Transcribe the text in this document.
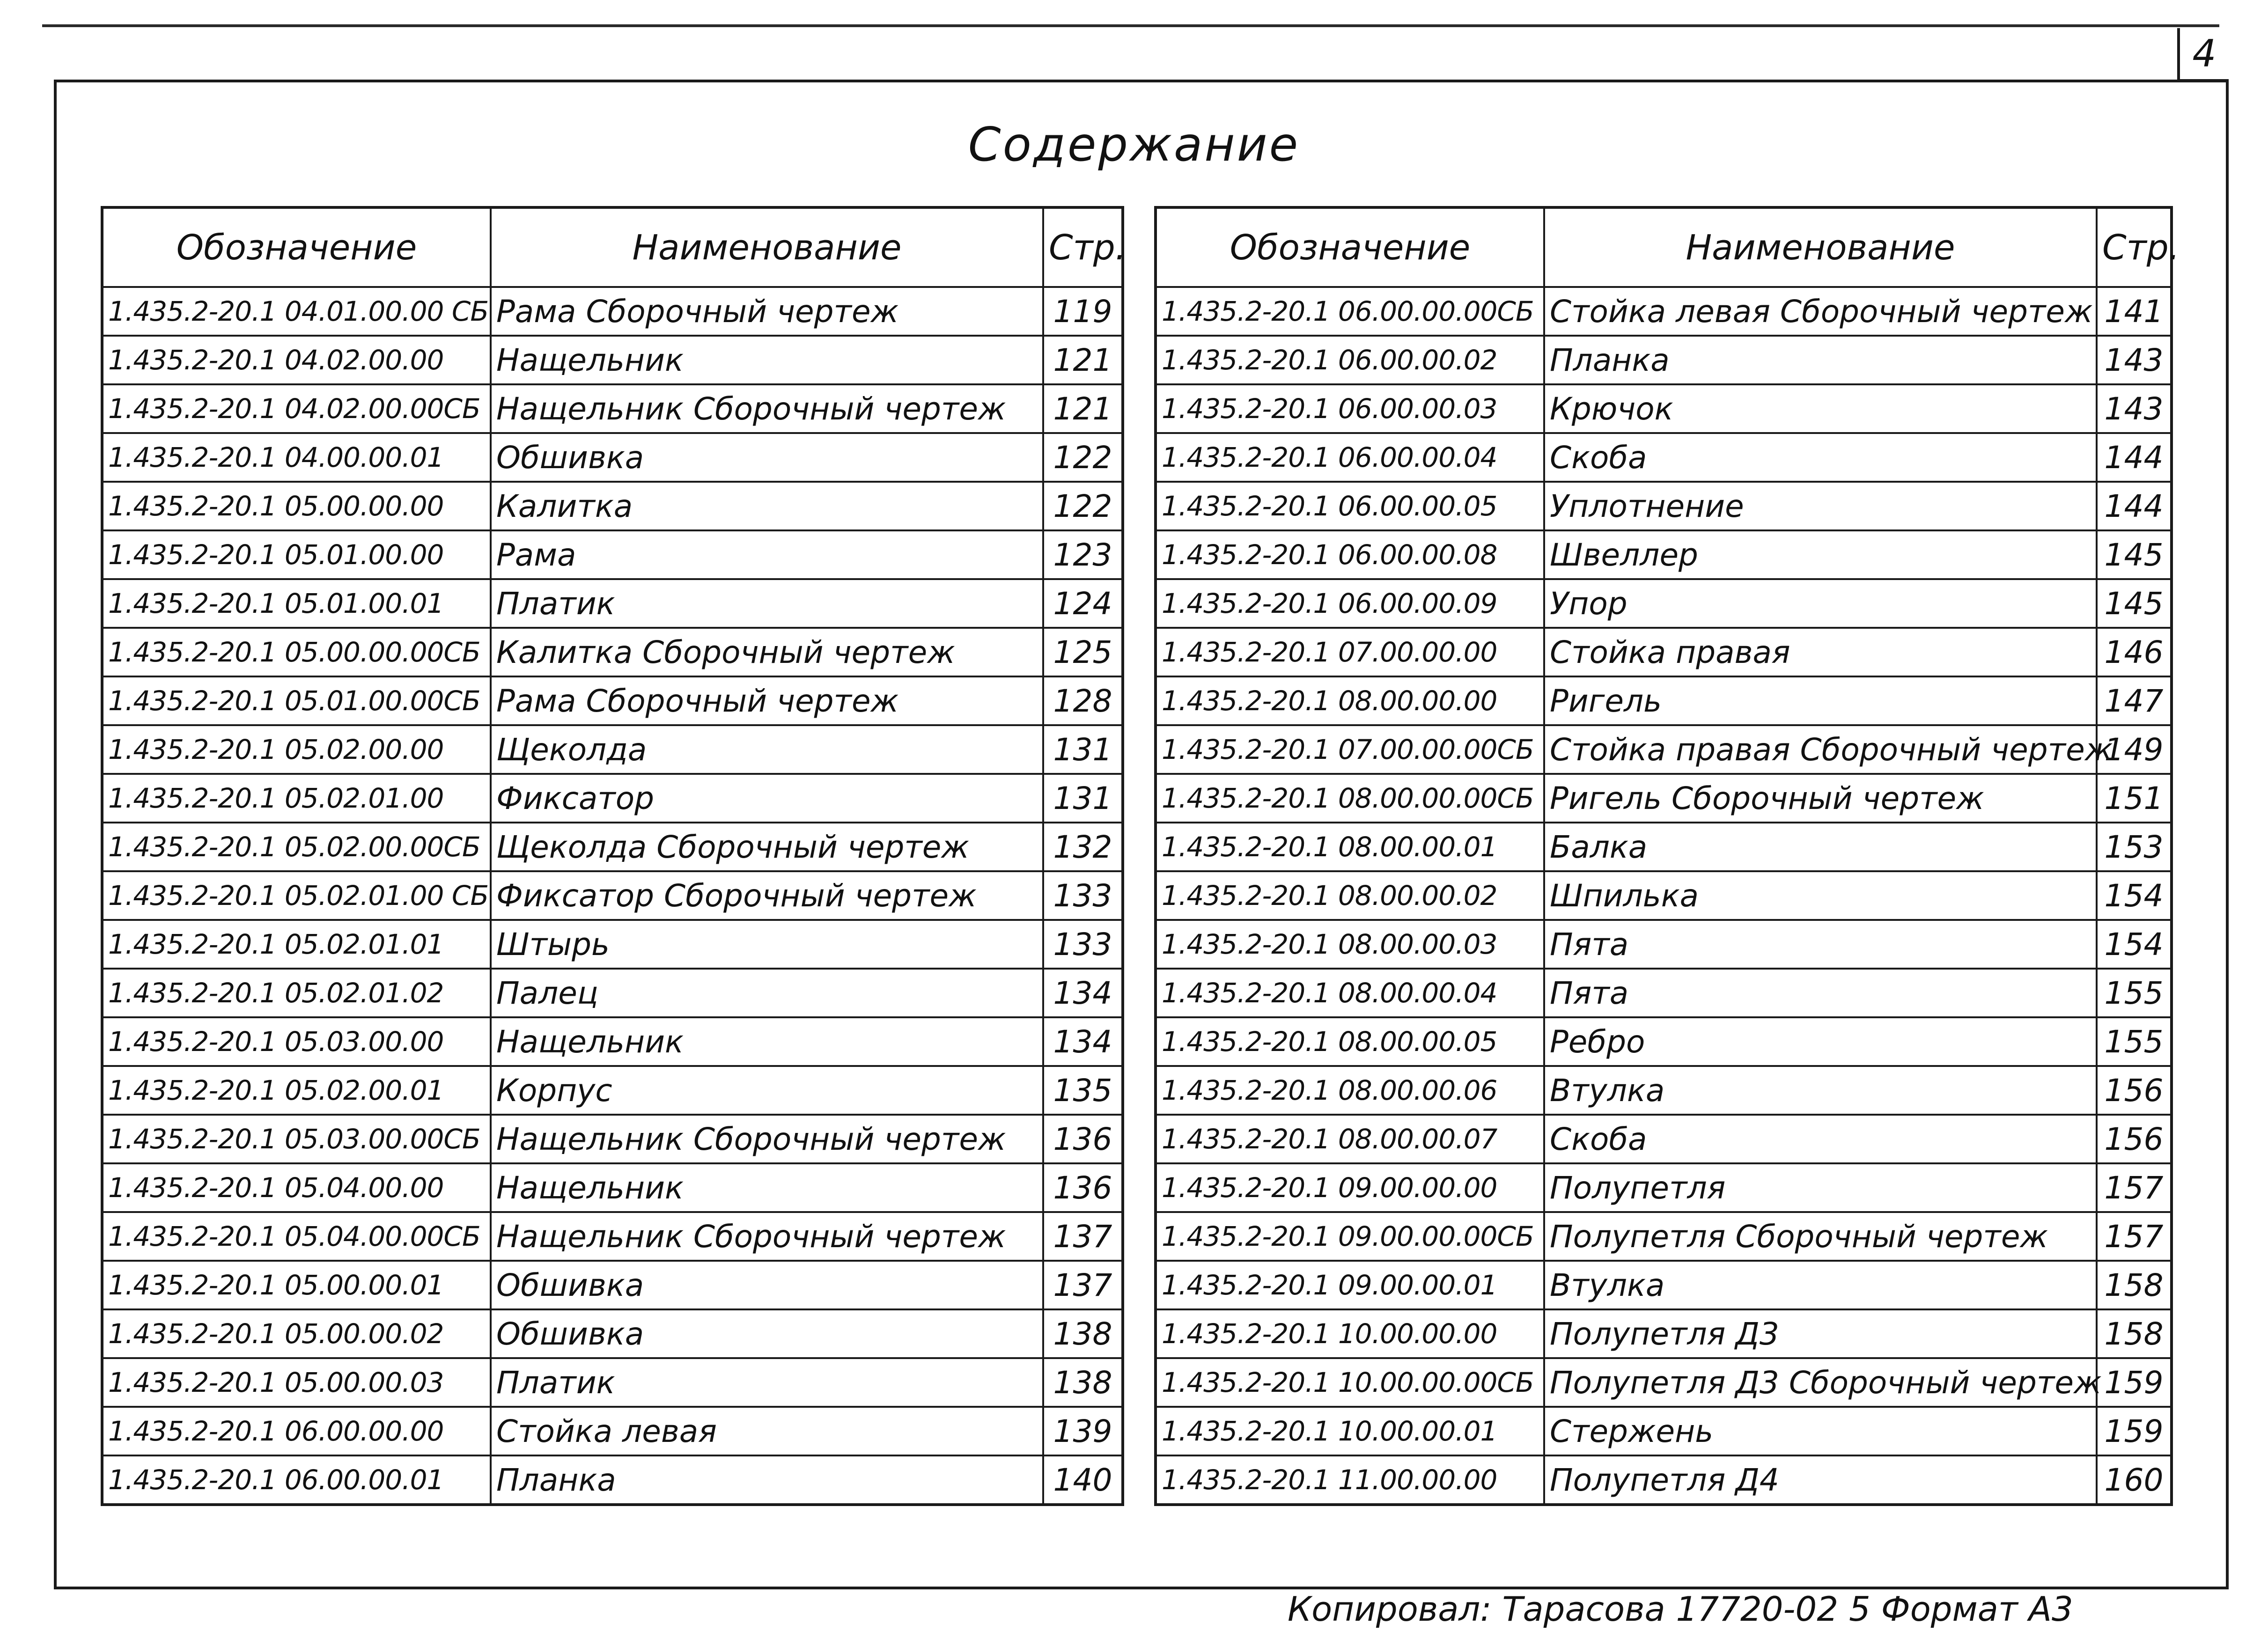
4
Содержание
Обозначение	Наименование	Стр.
1.435.2-20.1 04.01.00.00 СБ	Рама Сборочный чертеж	119
1.435.2-20.1 04.02.00.00	Нащельник	121
1.435.2-20.1 04.02.00.00СБ	Нащельник Сборочный чертеж	121
1.435.2-20.1 04.00.00.01	Обшивка	122
1.435.2-20.1 05.00.00.00	Калитка	122
1.435.2-20.1 05.01.00.00	Рама	123
1.435.2-20.1 05.01.00.01	Платик	124
1.435.2-20.1 05.00.00.00СБ	Калитка Сборочный чертеж	125
1.435.2-20.1 05.01.00.00СБ	Рама Сборочный чертеж	128
1.435.2-20.1 05.02.00.00	Щеколда	131
1.435.2-20.1 05.02.01.00	Фиксатор	131
1.435.2-20.1 05.02.00.00СБ	Щеколда Сборочный чертеж	132
1.435.2-20.1 05.02.01.00 СБ	Фиксатор Сборочный чертеж	133
1.435.2-20.1 05.02.01.01	Штырь	133
1.435.2-20.1 05.02.01.02	Палец	134
1.435.2-20.1 05.03.00.00	Нащельник	134
1.435.2-20.1 05.02.00.01	Корпус	135
1.435.2-20.1 05.03.00.00СБ	Нащельник Сборочный чертеж	136
1.435.2-20.1 05.04.00.00	Нащельник	136
1.435.2-20.1 05.04.00.00СБ	Нащельник Сборочный чертеж	137
1.435.2-20.1 05.00.00.01	Обшивка	137
1.435.2-20.1 05.00.00.02	Обшивка	138
1.435.2-20.1 05.00.00.03	Платик	138
1.435.2-20.1 06.00.00.00	Стойка левая	139
1.435.2-20.1 06.00.00.01	Планка	140
Обозначение	Наименование	Стр.
1.435.2-20.1 06.00.00.00СБ	Стойка левая Сборочный чертеж	141
1.435.2-20.1 06.00.00.02	Планка	143
1.435.2-20.1 06.00.00.03	Крючок	143
1.435.2-20.1 06.00.00.04	Скоба	144
1.435.2-20.1 06.00.00.05	Уплотнение	144
1.435.2-20.1 06.00.00.08	Швеллер	145
1.435.2-20.1 06.00.00.09	Упор	145
1.435.2-20.1 07.00.00.00	Стойка правая	146
1.435.2-20.1 08.00.00.00	Ригель	147
1.435.2-20.1 07.00.00.00СБ	Стойка правая Сборочный чертеж	149
1.435.2-20.1 08.00.00.00СБ	Ригель Сборочный чертеж	151
1.435.2-20.1 08.00.00.01	Балка	153
1.435.2-20.1 08.00.00.02	Шпилька	154
1.435.2-20.1 08.00.00.03	Пята	154
1.435.2-20.1 08.00.00.04	Пята	155
1.435.2-20.1 08.00.00.05	Ребро	155
1.435.2-20.1 08.00.00.06	Втулка	156
1.435.2-20.1 08.00.00.07	Скоба	156
1.435.2-20.1 09.00.00.00	Полупетля	157
1.435.2-20.1 09.00.00.00СБ	Полупетля Сборочный чертеж	157
1.435.2-20.1 09.00.00.01	Втулка	158
1.435.2-20.1 10.00.00.00	Полупетля Д3	158
1.435.2-20.1 10.00.00.00СБ	Полупетля Д3 Сборочный чертеж	159
1.435.2-20.1 10.00.00.01	Стержень	159
1.435.2-20.1 11.00.00.00	Полупетля Д4	160
Копировал: Тарасова 17720-02 5 Формат А3
